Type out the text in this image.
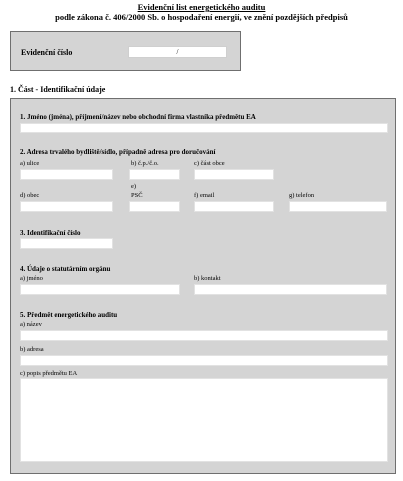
Evidenční list energetického auditu
podle zákona č. 406/2000 Sb. o hospodaření energií, ve znění pozdějších předpisů
Evidenční číslo	/
1. Část - Identifikační údaje
1. Jméno (jména), příjmení/název nebo obchodní firma vlastníka předmětu EA
2. Adresa trvalého bydliště/sídlo, případně adresa pro doručování
a) ulice	b) č.p./č.o.	c) část obce
e)
d) obec	PSČ	f) email	g) telefon
3. Identifikační číslo
4. Údaje o statutárním orgánu
a) jméno	b) kontakt
5. Předmět energetického auditu
a) název
b) adresa
c) popis předmětu EA
